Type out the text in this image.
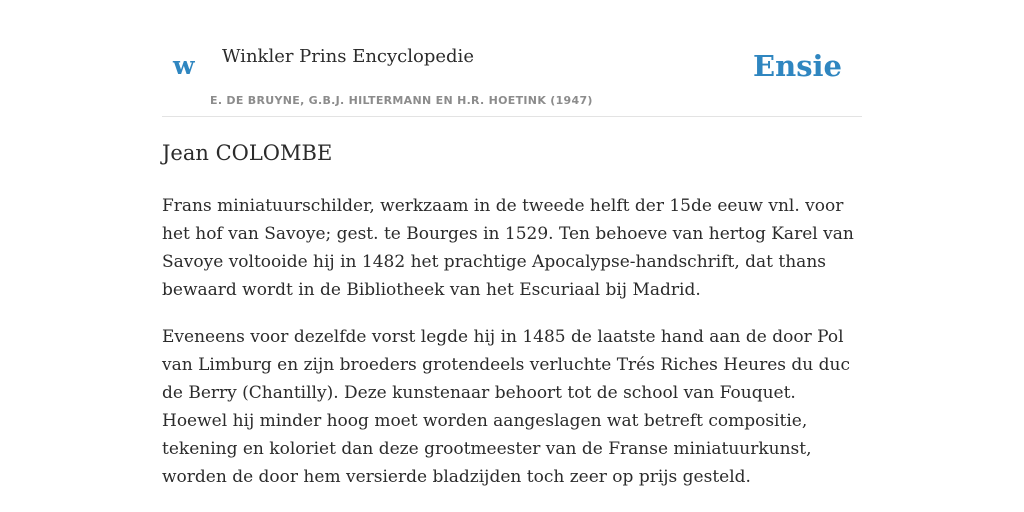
w Winkler Prins Encyclopedie
E. DE BRUYNE, G.B.J. HILTERMANN EN H.R. HOETINK (1947)
Ensie
Jean COLOMBE

Frans miniatuurschilder, werkzaam in de tweede helft der 15de eeuw vnl. voor het hof van Savoye; gest. te Bourges in 1529. Ten behoeve van hertog Karel van Savoye voltooide hij in 1482 het prachtige Apocalypse-handschrift, dat thans bewaard wordt in de Bibliotheek van het Escuriaal bij Madrid.

Eveneens voor dezelfde vorst legde hij in 1485 de laatste hand aan de door Pol van Limburg en zijn broeders grotendeels verluchte Trés Riches Heures du duc de Berry (Chantilly). Deze kunstenaar behoort tot de school van Fouquet. Hoewel hij minder hoog moet worden aangeslagen wat betreft compositie, tekening en koloriet dan deze grootmeester van de Franse miniatuurkunst, worden de door hem versierde bladzijden toch zeer op prijs gesteld.
